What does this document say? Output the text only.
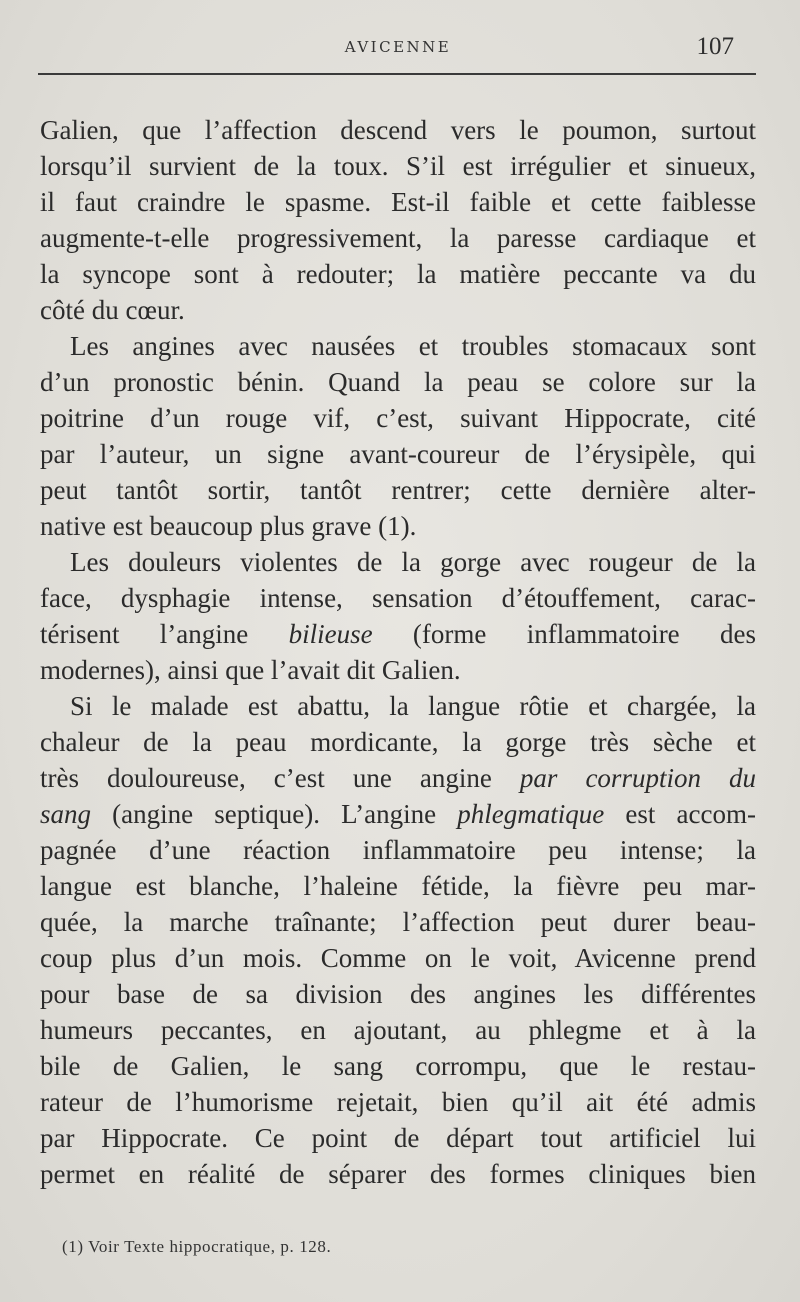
AVICENNE	107
Galien, que l’affection descend vers le poumon, surtout
lorsqu’il survient de la toux. S’il est irrégulier et sinueux,
il faut craindre le spasme. Est-il faible et cette faiblesse
augmente-t-elle progressivement, la paresse cardiaque et
la syncope sont à redouter; la matière peccante va du
côté du cœur.
Les angines avec nausées et troubles stomacaux sont
d’un pronostic bénin. Quand la peau se colore sur la
poitrine d’un rouge vif, c’est, suivant Hippocrate, cité
par l’auteur, un signe avant-coureur de l’érysipèle, qui
peut tantôt sortir, tantôt rentrer; cette dernière alter-
native est beaucoup plus grave (1).
Les douleurs violentes de la gorge avec rougeur de la
face, dysphagie intense, sensation d’étouffement, carac-
térisent l’angine bilieuse (forme inflammatoire des
modernes), ainsi que l’avait dit Galien.
Si le malade est abattu, la langue rôtie et chargée, la
chaleur de la peau mordicante, la gorge très sèche et
très douloureuse, c’est une angine par corruption du
sang (angine septique). L’angine phlegmatique est accom-
pagnée d’une réaction inflammatoire peu intense; la
langue est blanche, l’haleine fétide, la fièvre peu mar-
quée, la marche traînante; l’affection peut durer beau-
coup plus d’un mois. Comme on le voit, Avicenne prend
pour base de sa division des angines les différentes
humeurs peccantes, en ajoutant, au phlegme et à la
bile de Galien, le sang corrompu, que le restau-
rateur de l’humorisme rejetait, bien qu’il ait été admis
par Hippocrate. Ce point de départ tout artificiel lui
permet en réalité de séparer des formes cliniques bien
(1) Voir Texte hippocratique, p. 128.
